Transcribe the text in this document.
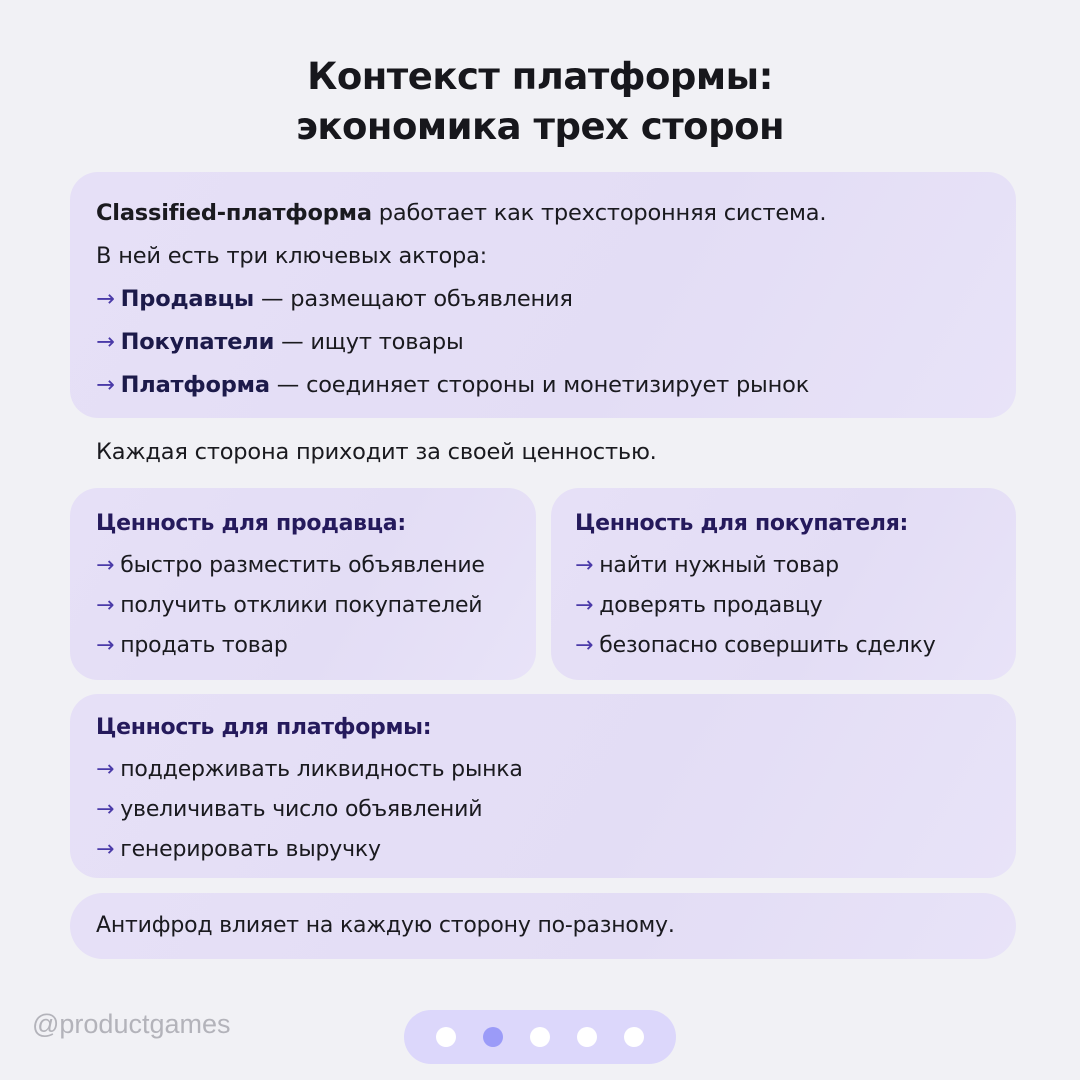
Контекст платформы:
экономика трех сторон
Classified-платформа работает как трехсторонняя система.
В ней есть три ключевых актора:
→ Продавцы — размещают объявления
→ Покупатели — ищут товары
→ Платформа — соединяет стороны и монетизирует рынок
Каждая сторона приходит за своей ценностью.
Ценность для продавца:
→ быстро разместить объявление
→ получить отклики покупателей
→ продать товар
Ценность для покупателя:
→ найти нужный товар
→ доверять продавцу
→ безопасно совершить сделку
Ценность для платформы:
→ поддерживать ликвидность рынка
→ увеличивать число объявлений
→ генерировать выручку
Антифрод влияет на каждую сторону по-разному.
@productgames
